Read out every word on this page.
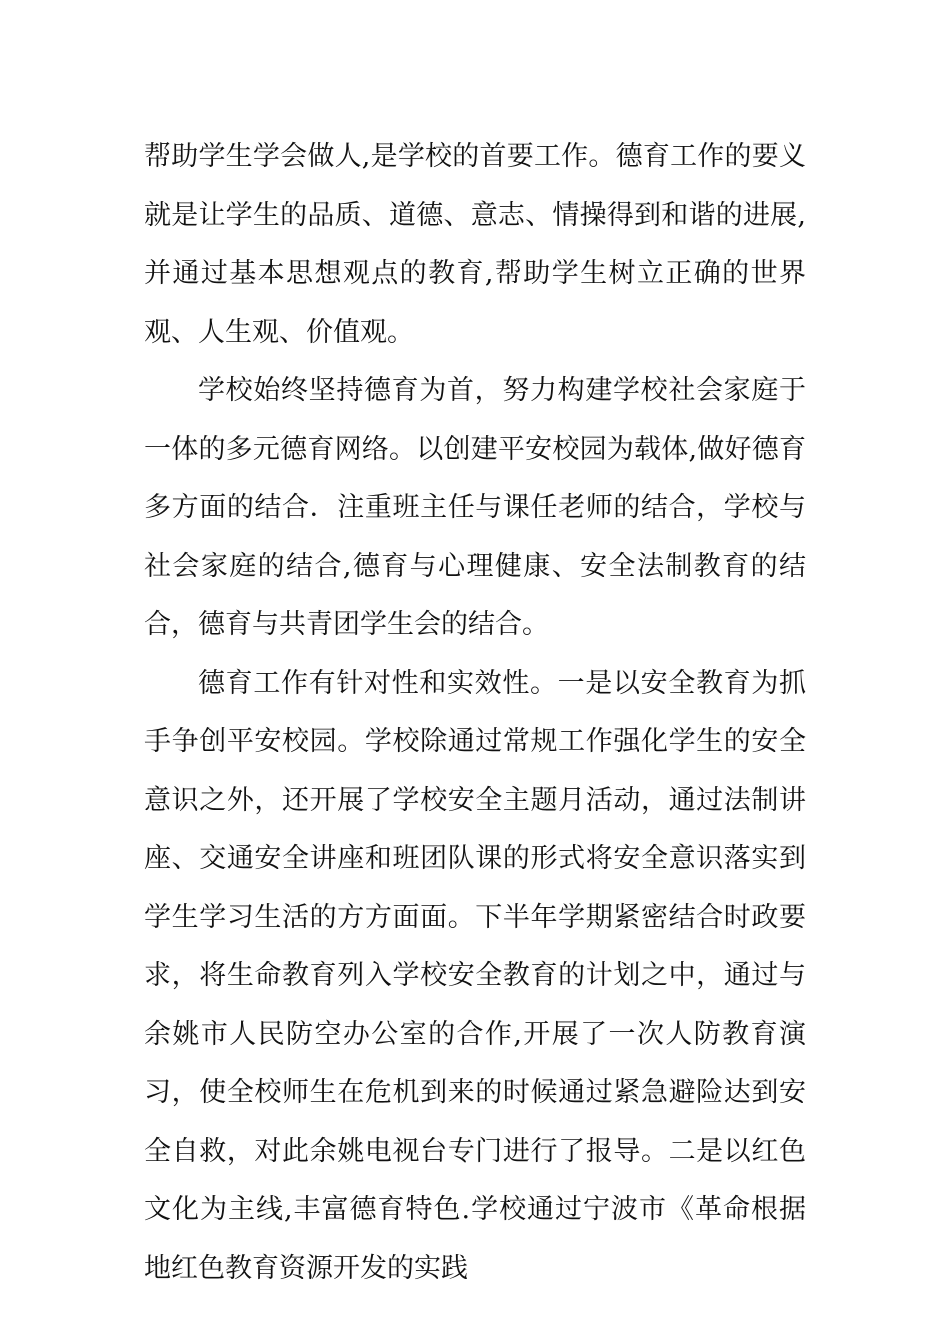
帮助学生学会做人,是学校的首要工作。德育工作的要义就是让学生的品质、道德、意志、情操得到和谐的进展,并通过基本思想观点的教育,帮助学生树立正确的世界观、人生观、价值观。

学校始终坚持德育为首，努力构建学校社会家庭于一体的多元德育网络。以创建平安校园为载体,做好德育多方面的结合．注重班主任与课任老师的结合，学校与社会家庭的结合,德育与心理健康、安全法制教育的结合，德育与共青团学生会的结合。

德育工作有针对性和实效性。一是以安全教育为抓手争创平安校园。学校除通过常规工作强化学生的安全意识之外，还开展了学校安全主题月活动，通过法制讲座、交通安全讲座和班团队课的形式将安全意识落实到学生学习生活的方方面面。下半年学期紧密结合时政要求，将生命教育列入学校安全教育的计划之中，通过与余姚市人民防空办公室的合作,开展了一次人防教育演习，使全校师生在危机到来的时候通过紧急避险达到安全自救，对此余姚电视台专门进行了报导。二是以红色文化为主线,丰富德育特色.学校通过宁波市《革命根据地红色教育资源开发的实践
